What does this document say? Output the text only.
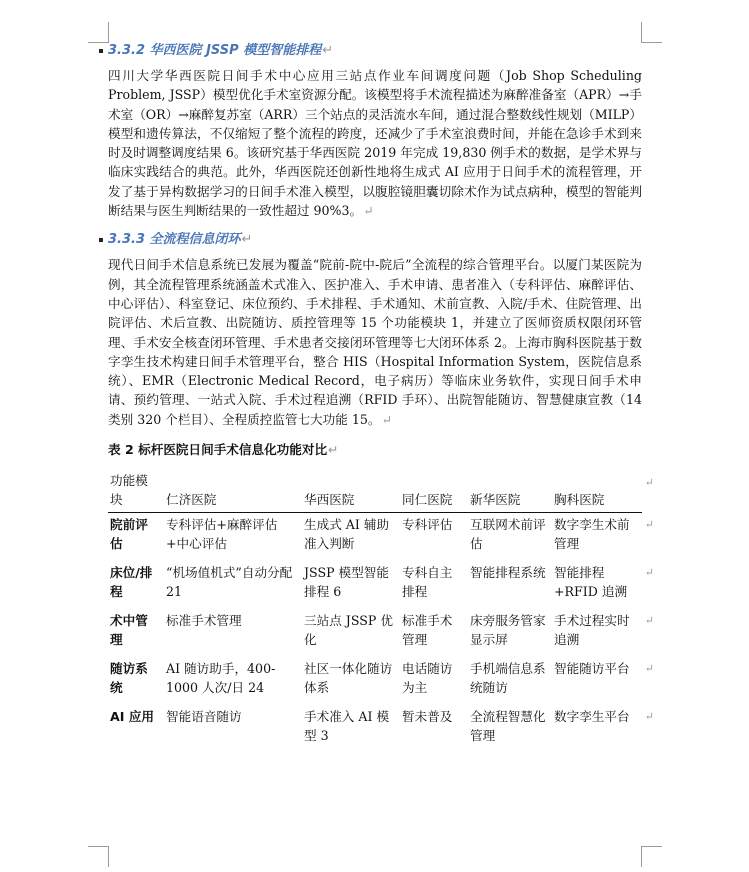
3.3.2 华西医院 JSSP 模型智能排程↵

四川大学华西医院日间手术中心应用三站点作业车间调度问题（Job Shop Scheduling Problem, JSSP）模型优化手术室资源分配。该模型将手术流程描述为麻醉准备室（APR）→手术室（OR）→麻醉复苏室（ARR）三个站点的灵活流水车间，通过混合整数线性规划（MILP）模型和遗传算法，不仅缩短了整个流程的跨度，还减少了手术室浪费时间，并能在急诊手术到来时及时调整调度结果 6。该研究基于华西医院 2019 年完成 19,830 例手术的数据，是学术界与临床实践结合的典范。此外，华西医院还创新性地将生成式 AI 应用于日间手术的流程管理，开发了基于异构数据学习的日间手术准入模型，以腹腔镜胆囊切除术作为试点病种，模型的智能判断结果与医生判断结果的一致性超过 90%3。↵

3.3.3 全流程信息闭环↵

现代日间手术信息系统已发展为覆盖“院前-院中-院后”全流程的综合管理平台。以厦门某医院为例，其全流程管理系统涵盖术式准入、医护准入、手术申请、患者准入（专科评估、麻醉评估、中心评估）、科室登记、床位预约、手术排程、手术通知、术前宣教、入院/手术、住院管理、出院评估、术后宣教、出院随访、质控管理等 15 个功能模块 1，并建立了医师资质权限闭环管理、手术安全核查闭环管理、手术患者交接闭环管理等七大闭环体系 2。上海市胸科医院基于数字孪生技术构建日间手术管理平台，整合 HIS（Hospital Information System，医院信息系统）、EMR（Electronic Medical Record，电子病历）等临床业务软件，实现日间手术申请、预约管理、一站式入院、手术过程追溯（RFID 手环）、出院智能随访、智慧健康宣教（14 类别 320 个栏目）、全程质控监管七大功能 15。↵

表 2 标杆医院日间手术信息化功能对比↵

功能模块	仁济医院	华西医院	同仁医院	新华医院	胸科医院 ↵
院前评估	专科评估+麻醉评估+中心评估	生成式 AI 辅助准入判断	专科评估	互联网术前评估	数字孪生术前管理 ↵
床位/排程	“机场值机式”自动分配 21	JSSP 模型智能排程 6	专科自主排程	智能排程系统	智能排程+RFID 追溯 ↵
术中管理	标准手术管理	三站点 JSSP 优化	标准手术管理	床旁服务管家显示屏	手术过程实时追溯 ↵
随访系统	AI 随访助手，400-1000 人次/日 24	社区一体化随访体系	电话随访为主	手机端信息系统随访	智能随访平台 ↵
AI 应用	智能语音随访	手术准入 AI 模型 3	暂未普及	全流程智慧化管理	数字孪生平台 ↵
